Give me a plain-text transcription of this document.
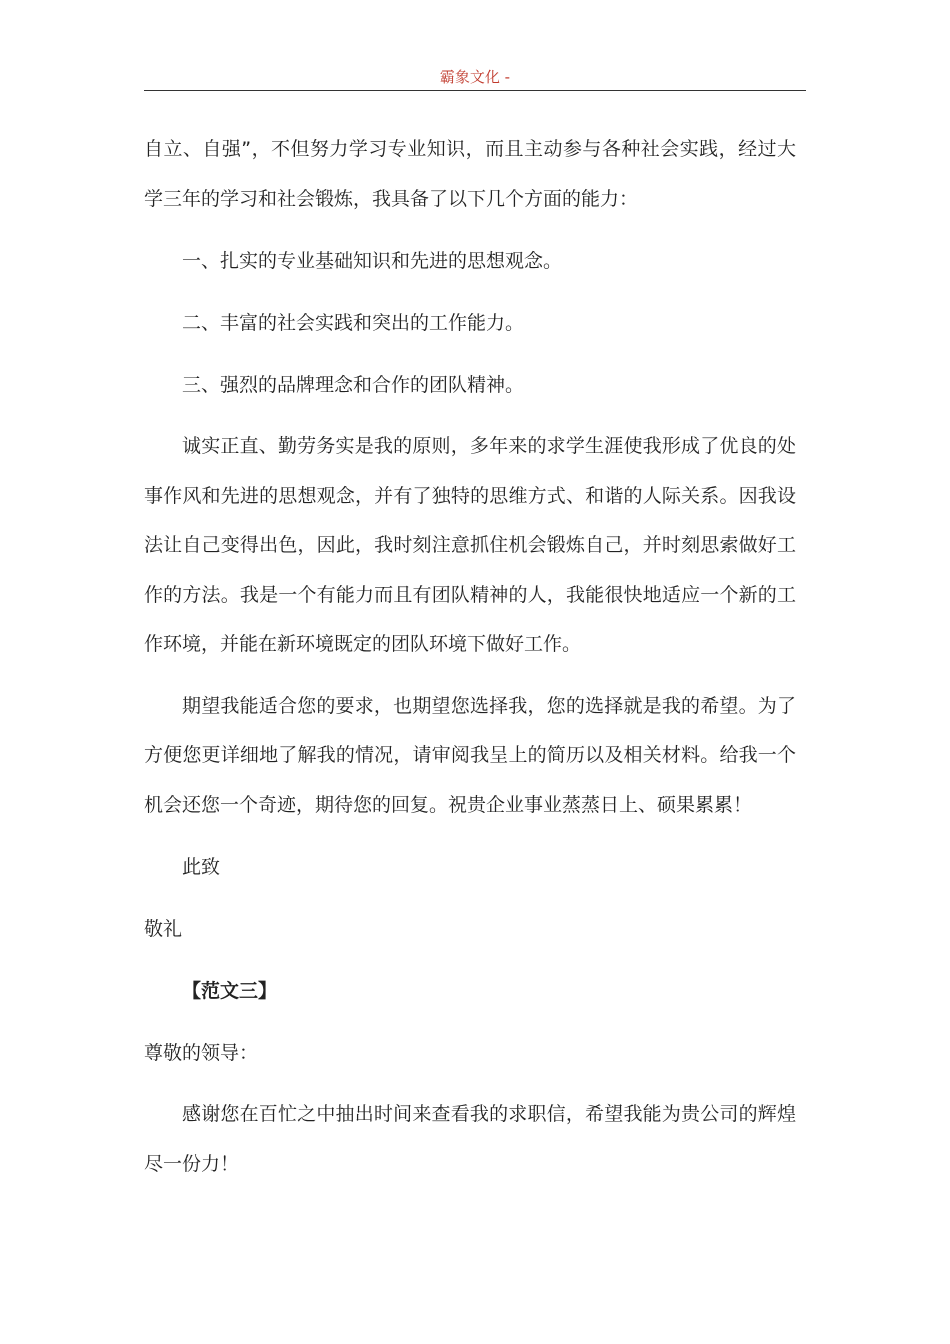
霸象文化 -

自立、自强”，不但努力学习专业知识，而且主动参与各种社会实践，经过大学三年的学习和社会锻炼，我具备了以下几个方面的能力：

一、扎实的专业基础知识和先进的思想观念。

二、丰富的社会实践和突出的工作能力。

三、强烈的品牌理念和合作的团队精神。

诚实正直、勤劳务实是我的原则，多年来的求学生涯使我形成了优良的处事作风和先进的思想观念，并有了独特的思维方式、和谐的人际关系。因我设法让自己变得出色，因此，我时刻注意抓住机会锻炼自己，并时刻思索做好工作的方法。我是一个有能力而且有团队精神的人，我能很快地适应一个新的工作环境，并能在新环境既定的团队环境下做好工作。

期望我能适合您的要求，也期望您选择我，您的选择就是我的希望。为了方便您更详细地了解我的情况，请审阅我呈上的简历以及相关材料。给我一个机会还您一个奇迹，期待您的回复。祝贵企业事业蒸蒸日上、硕果累累！

此致

敬礼

【范文三】

尊敬的领导：

感谢您在百忙之中抽出时间来查看我的求职信，希望我能为贵公司的辉煌尽一份力！
